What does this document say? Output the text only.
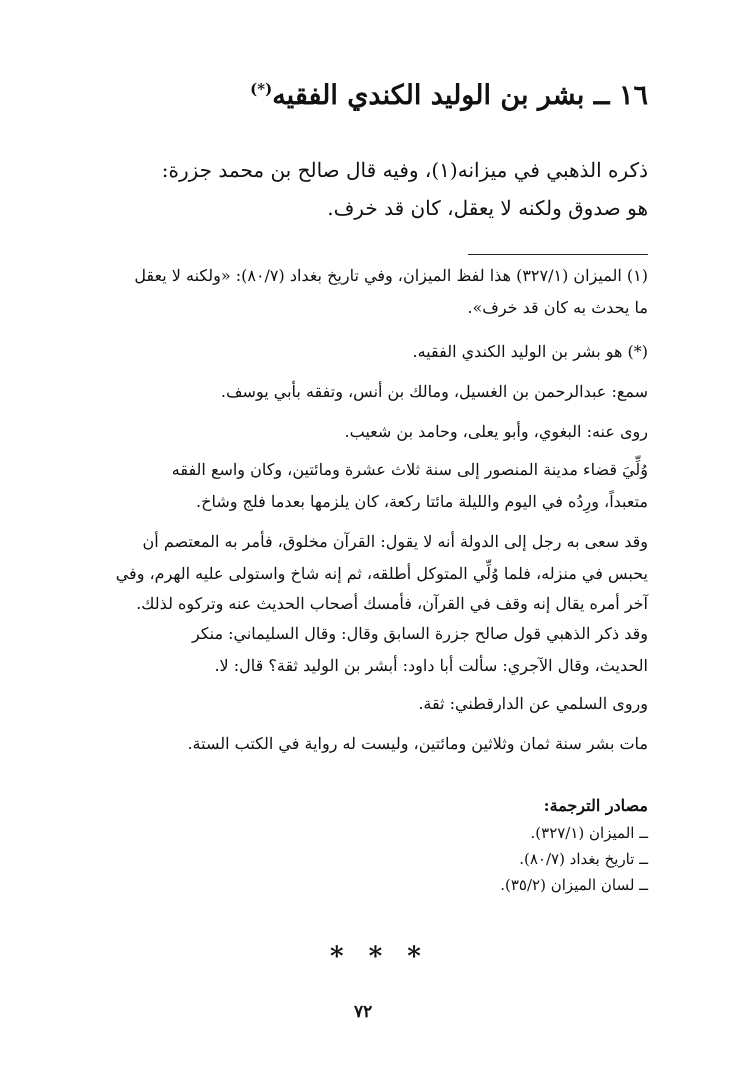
١٦ ــ بشر بن الوليد الكندي الفقيه(*)
ذكره الذهبي في ميزانه(١)، وفيه قال صالح بن محمد جزرة:
هو صدوق ولكنه لا يعقل، كان قد خرف.
(١) الميزان (٣٢٧/١) هذا لفظ الميزان، وفي تاريخ بغداد (٨٠/٧): «ولكنه لا يعقل
ما يحدث به كان قد خرف».
(*) هو بشر بن الوليد الكندي الفقيه.
سمع: عبدالرحمن بن الغسيل، ومالك بن أنس، وتفقه بأبي يوسف.
روى عنه: البغوي، وأبو يعلى، وحامد بن شعيب.
وُلِّيَ قضاء مدينة المنصور إلى سنة ثلاث عشرة ومائتين، وكان واسع الفقه
متعبداً، ورِدُه في اليوم والليلة مائتا ركعة، كان يلزمها بعدما فلج وشاخ.
وقد سعى به رجل إلى الدولة أنه لا يقول: القرآن مخلوق، فأمر به المعتصم أن
يحبس في منزله، فلما وُلِّي المتوكل أطلقه، ثم إنه شاخ واستولى عليه الهرم، وفي
آخر أمره يقال إنه وقف في القرآن، فأمسك أصحاب الحديث عنه وتركوه لذلك.
وقد ذكر الذهبي قول صالح جزرة السابق وقال: وقال السليماني: منكر
الحديث، وقال الآجري: سألت أبا داود: أبشر بن الوليد ثقة؟ قال: لا.
وروى السلمي عن الدارقطني: ثقة.
مات بشر سنة ثمان وثلاثين ومائتين، وليست له رواية في الكتب الستة.
مصادر الترجمة:
ــ الميزان (٣٢٧/١).
ــ تاريخ بغداد (٨٠/٧).
ــ لسان الميزان (٣٥/٢).
* * *
٧٢
